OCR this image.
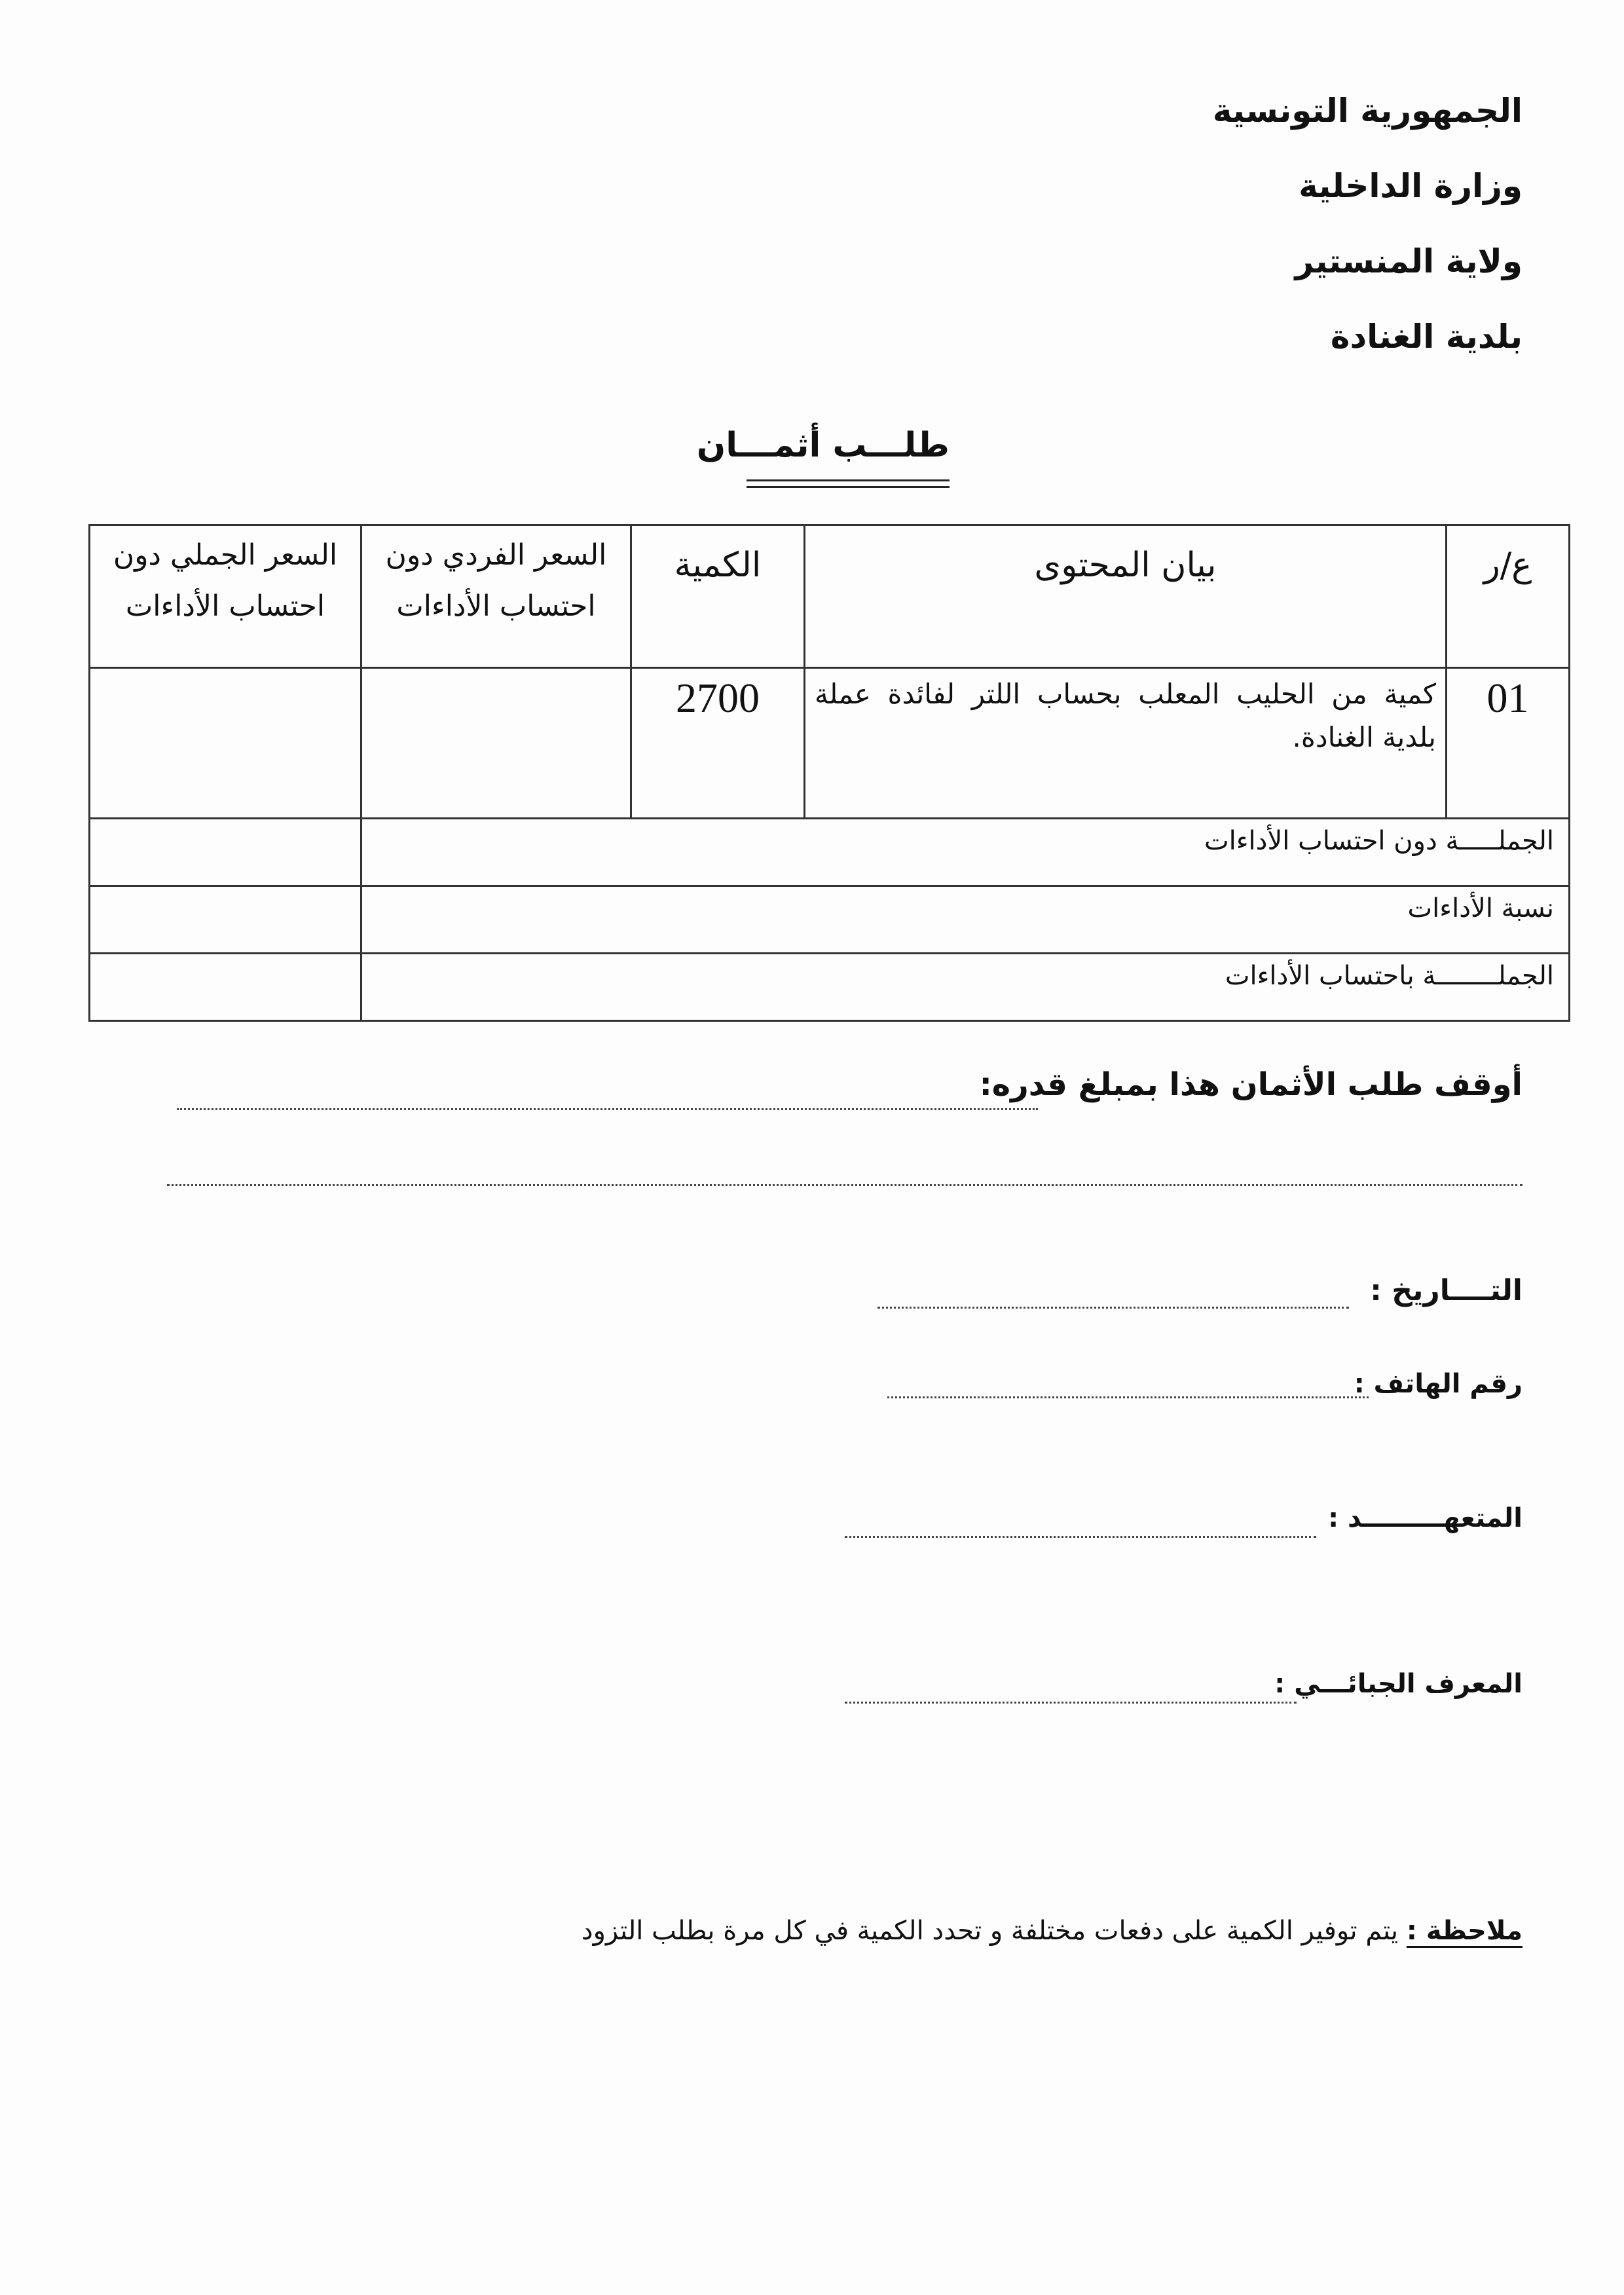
الجمهورية التونسية
وزارة الداخلية
ولاية المنستير
بلدية الغنادة
طلـــب أثمـــان
ع/ر	بيان المحتوى	الكمية	السعر الفردي دون احتساب الأداءات	السعر الجملي دون احتساب الأداءات

01	كمية من الحليب المعلب بحساب اللتر لفائدة عملة بلدية الغنادة.	2700		

الجملـــــة دون احتساب الأداءات				

نسبة الأداءات				

الجملــــــــة باحتساب الأداءات				

أوقف طلب الأثمان هذا بمبلغ قدره:
التــــاريخ :
رقم الهاتف :
المتعهـــــــــد :
المعرف الجبائـــي :
ملاحظة : يتم توفير الكمية على دفعات مختلفة و تحدد الكمية في كل مرة بطلب التزود
